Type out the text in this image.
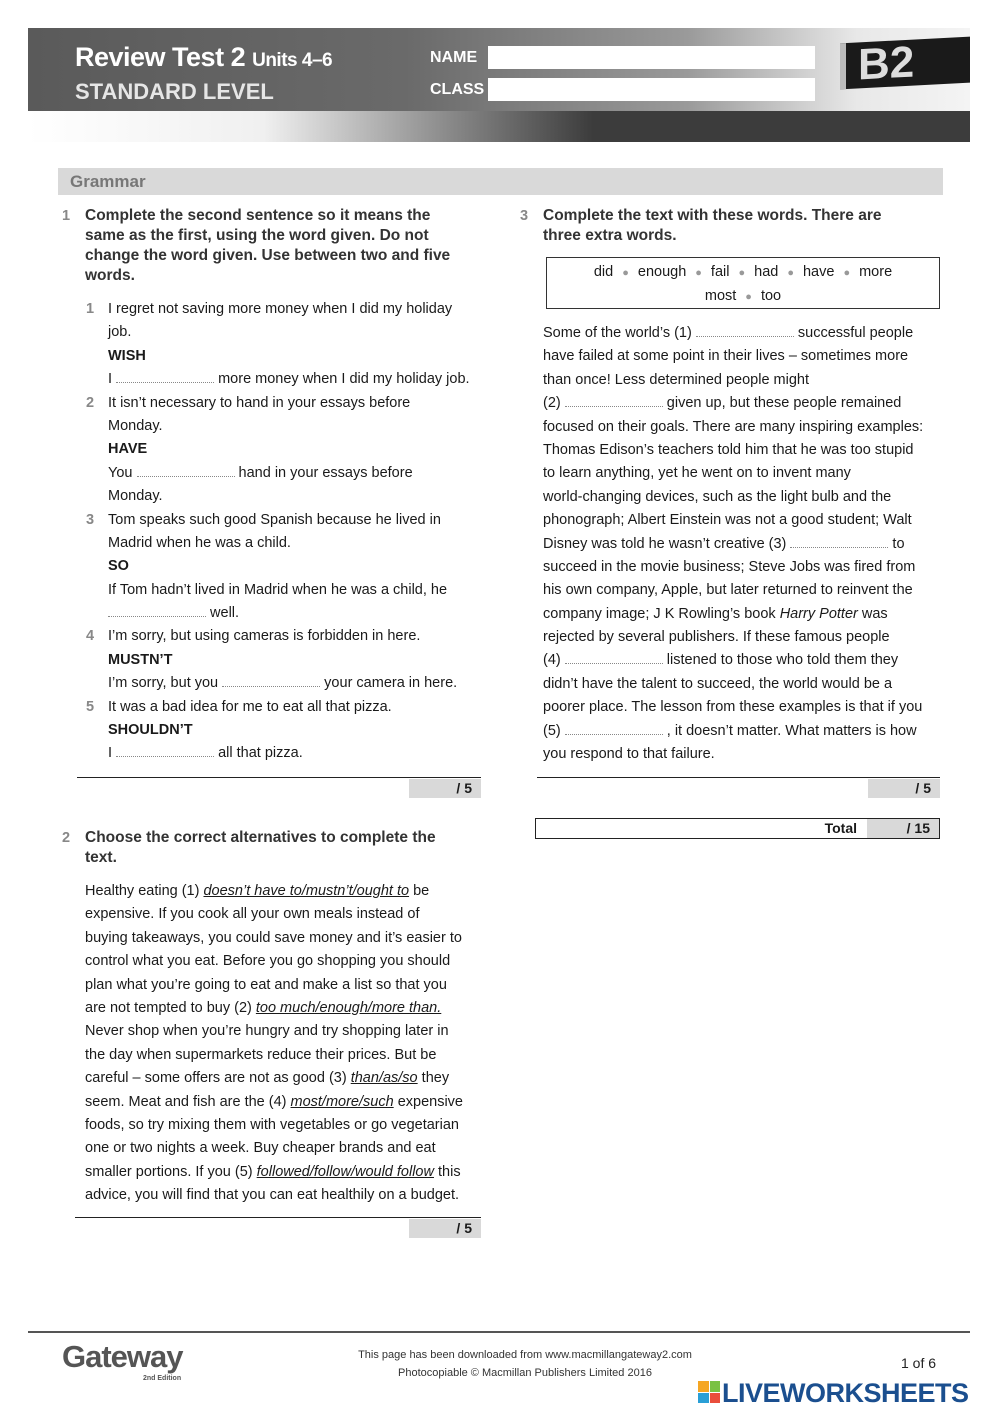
Review Test 2 Units 4–6
STANDARD LEVEL
NAME
CLASS
B2
Grammar
1 Complete the second sentence so it means the
same as the first, using the word given. Do not
change the word given. Use between two and five
words.
1 I regret not saving more money when I did my holiday
job.
WISH
I	more money when I did my holiday job.
2 It isn’t necessary to hand in your essays before
Monday.
HAVE
You	hand in your essays before
Monday.
3 Tom speaks such good Spanish because he lived in
Madrid when he was a child.
SO
If Tom hadn’t lived in Madrid when he was a child, he
well.
4 I’m sorry, but using cameras is forbidden in here.
MUSTN’T
I’m sorry, but you	your camera in here.
5 It was a bad idea for me to eat all that pizza.
SHOULDN’T
I	all that pizza.
/ 5
2 Choose the correct alternatives to complete the
text.
Healthy eating (1) doesn’t have to/mustn’t/ought to be
expensive. If you cook all your own meals instead of
buying takeaways, you could save money and it’s easier to
control what you eat. Before you go shopping you should
plan what you’re going to eat and make a list so that you
are not tempted to buy (2) too much/enough/more than.
Never shop when you’re hungry and try shopping later in
the day when supermarkets reduce their prices. But be
careful – some offers are not as good (3) than/as/so they
seem. Meat and fish are the (4) most/more/such expensive
foods, so try mixing them with vegetables or go vegetarian
one or two nights a week. Buy cheaper brands and eat
smaller portions. If you (5) followed/follow/would follow this
advice, you will find that you can eat healthily on a budget.
/ 5
3 Complete the text with these words. There are
three extra words.
did ● enough ● fail ● had ● have ● more
most ● too
Some of the world’s (1)	successful people
have failed at some point in their lives – sometimes more
than once! Less determined people might
(2)	given up, but these people remained
focused on their goals. There are many inspiring examples:
Thomas Edison’s teachers told him that he was too stupid
to learn anything, yet he went on to invent many
world-changing devices, such as the light bulb and the
phonograph; Albert Einstein was not a good student; Walt
Disney was told he wasn’t creative (3)	to
succeed in the movie business; Steve Jobs was fired from
his own company, Apple, but later returned to reinvent the
company image; J K Rowling’s book Harry Potter was
rejected by several publishers. If these famous people
(4)	listened to those who told them they
didn’t have the talent to succeed, the world would be a
poorer place. The lesson from these examples is that if you
(5)	, it doesn’t matter. What matters is how
you respond to that failure.
/ 5
Total	/ 15
Gateway
2nd Edition
This page has been downloaded from www.macmillangateway2.com
Photocopiable © Macmillan Publishers Limited 2016
1 of 6
LIVEWORKSHEETS
